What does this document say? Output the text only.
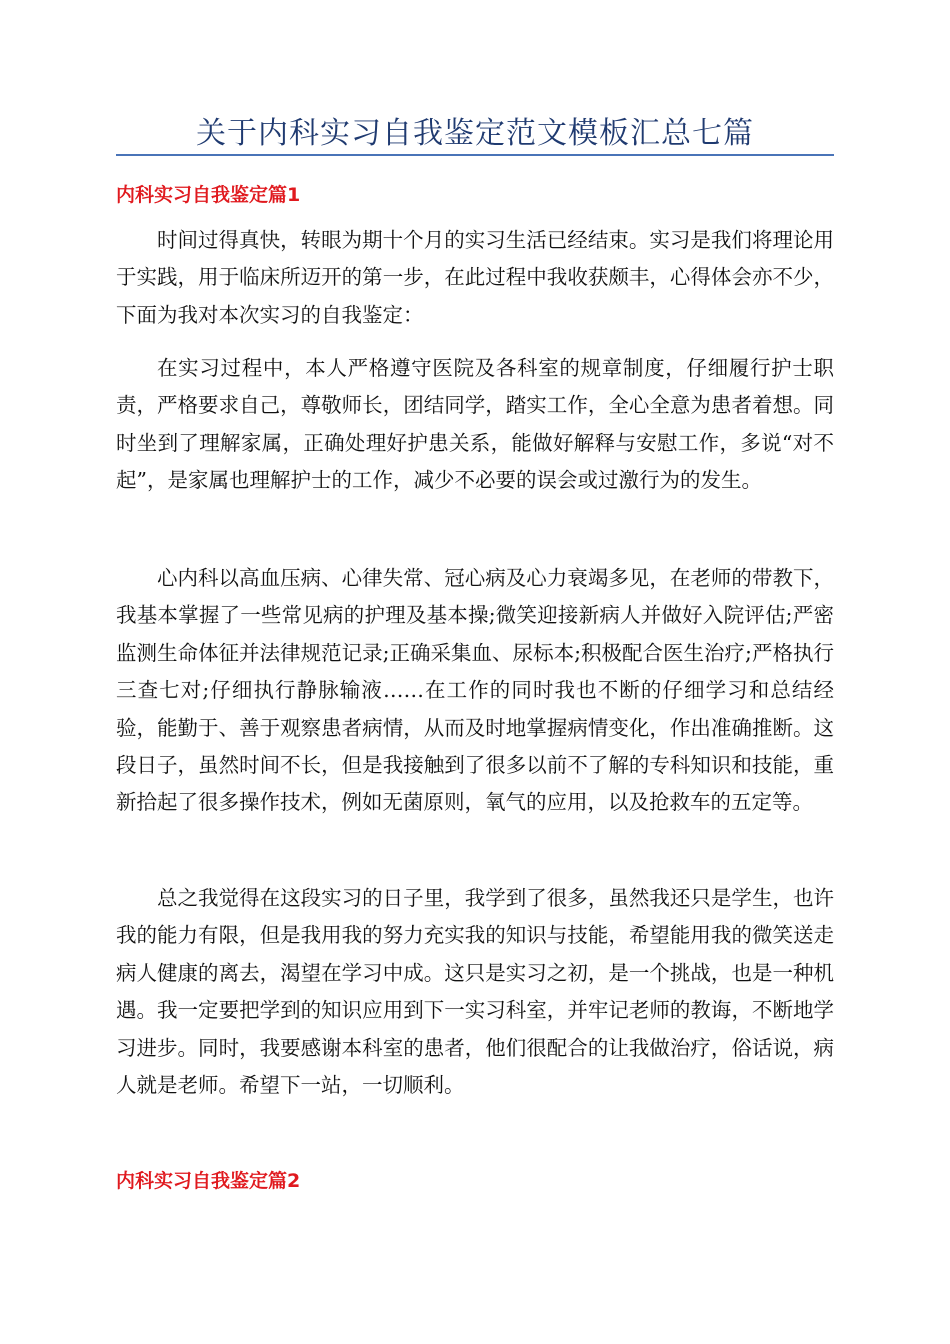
关于内科实习自我鉴定范文模板汇总七篇
内科实习自我鉴定篇1

时间过得真快，转眼为期十个月的实习生活已经结束。实习是我们将理论用于实践，用于临床所迈开的第一步，在此过程中我收获颇丰，心得体会亦不少，下面为我对本次实习的自我鉴定：

在实习过程中，本人严格遵守医院及各科室的规章制度，仔细履行护士职责，严格要求自己，尊敬师长，团结同学，踏实工作，全心全意为患者着想。同时坐到了理解家属，正确处理好护患关系，能做好解释与安慰工作，多说“对不起”，是家属也理解护士的工作，减少不必要的误会或过激行为的发生。

心内科以高血压病、心律失常、冠心病及心力衰竭多见，在老师的带教下，我基本掌握了一些常见病的护理及基本操;微笑迎接新病人并做好入院评估;严密监测生命体征并法律规范记录;正确采集血、尿标本;积极配合医生治疗;严格执行三查七对;仔细执行静脉输液……在工作的同时我也不断的仔细学习和总结经验，能勤于、善于观察患者病情，从而及时地掌握病情变化，作出准确推断。这段日子，虽然时间不长，但是我接触到了很多以前不了解的专科知识和技能，重新拾起了很多操作技术，例如无菌原则，氧气的应用，以及抢救车的五定等。

总之我觉得在这段实习的日子里，我学到了很多，虽然我还只是学生，也许我的能力有限，但是我用我的努力充实我的知识与技能，希望能用我的微笑送走病人健康的离去，渴望在学习中成。这只是实习之初，是一个挑战，也是一种机遇。我一定要把学到的知识应用到下一实习科室，并牢记老师的教诲，不断地学习进步。同时，我要感谢本科室的患者，他们很配合的让我做治疗，俗话说，病人就是老师。希望下一站，一切顺利。

内科实习自我鉴定篇2
